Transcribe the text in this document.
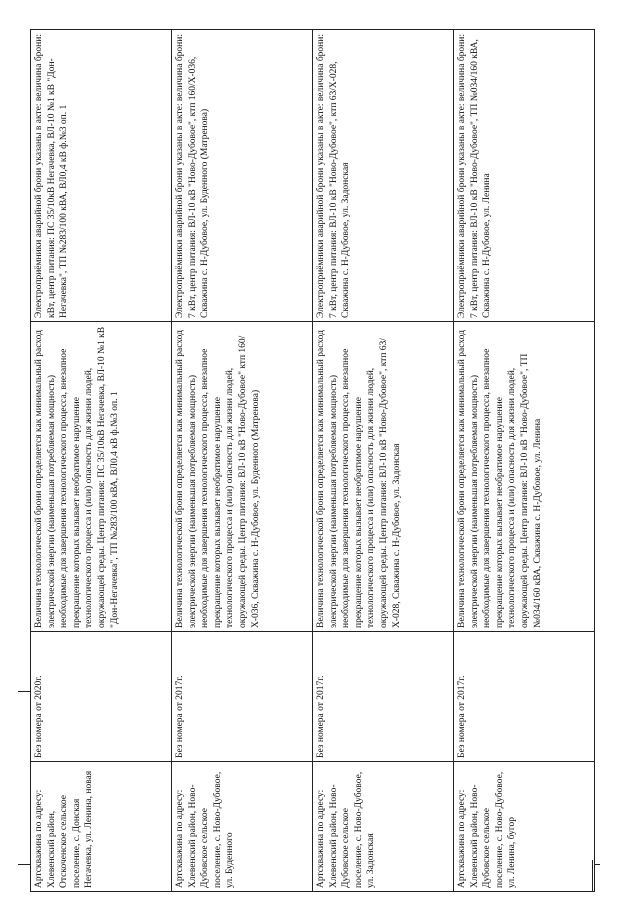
Артскважина по адресу: Хлевенский район, Отскоченское сельское поселение, с. Донская Негачевка, ул. Ленина, новая	Без номера от 2020г.	Величина технологической брони определяется как минимальный расход электрической энергии (наименьшая потребляемая мощность) необходимые для завершения технологического процесса, внезапное прекращение которых вызывает необратимое нарушение технологического процесса и (или) опасность для жизни людей, окружающей среды. Центр питания: ПС 35/10кВ Негачевка, ВЛ-10 №1 кВ "Дон-Негачевка", ТП №283/100 кВА, ВЛ0,4 кВ ф.№3 оп. 1	Электроприёмники аварийной брони указаны в акте: величина брони: кВт, центр питания: ПС 35/10кВ Негачевка, ВЛ-10 №1 кВ "Дон-Негачевка", ТП №283/100 кВА, ВЛ0,4 кВ ф.№3 оп. 1
Артскважина по адресу: Хлевенский район, Ново-Дубовское сельское поселение, с. Ново-Дубовое, ул. Буденного	Без номера от 2017г.	Величина технологической брони определяется как минимальный расход электрической энергии (наименьшая потребляемая мощность) необходимые для завершения технологического процесса, внезапное прекращение которых вызывает необратимое нарушение технологического процесса и (или) опасность для жизни людей, окружающей среды. Центр питания: ВЛ-10 кВ "Ново-Дубовое" ктп 160/Х-036, Скважина с. Н-Дубовое, ул. Буденного (Матренова)	Электроприёмники аварийной брони указаны в акте: величина брони: 7 кВт, центр питания: ВЛ-10 кВ "Ново-Дубовое", ктп 160/Х-036, Скважина с. Н-Дубовое, ул. Буденного (Матренова)
Артскважина по адресу: Хлевенский район, Ново-Дубовское сельское поселение, с. Ново-Дубовое, ул. Задонская	Без номера от 2017г.	Величина технологической брони определяется как минимальный расход электрической энергии (наименьшая потребляемая мощность) необходимые для завершения технологического процесса, внезапное прекращение которых вызывает необратимое нарушение технологического процесса и (или) опасность для жизни людей, окружающей среды. Центр питания: ВЛ-10 кВ "Ново-Дубовое", ктп 63/Х-028, Скважина с. Н-Дубовое, ул. Задонская	Электроприёмники аварийной брони указаны в акте: величина брони: 7 кВт, центр питания: ВЛ-10 кВ "Ново-Дубовое", ктп 63/Х-028, Скважина с. Н-Дубовое, ул. Задонская
Артскважина по адресу: Хлевенский район, Ново-Дубовское сельское поселение, с. Ново-Дубовое, ул. Ленина, бугор	Без номера от 2017г.	Величина технологической брони определяется как минимальный расход электрической энергии (наименьшая потребляемая мощность) необходимые для завершения технологического процесса, внезапное прекращение которых вызывает необратимое нарушение технологического процесса и (или) опасность для жизни людей, окружающей среды. Центр питания: ВЛ-10 кВ "Ново-Дубовое", ТП №034/160 кВА, Скважина с. Н-Дубовое, ул. Ленина	Электроприёмники аварийной брони указаны в акте: величина брони: 7 кВт, центр питания: ВЛ-10 кВ "Ново-Дубовое", ТП №034/160 кВА, Скважина с. Н-Дубовое, ул. Ленина
